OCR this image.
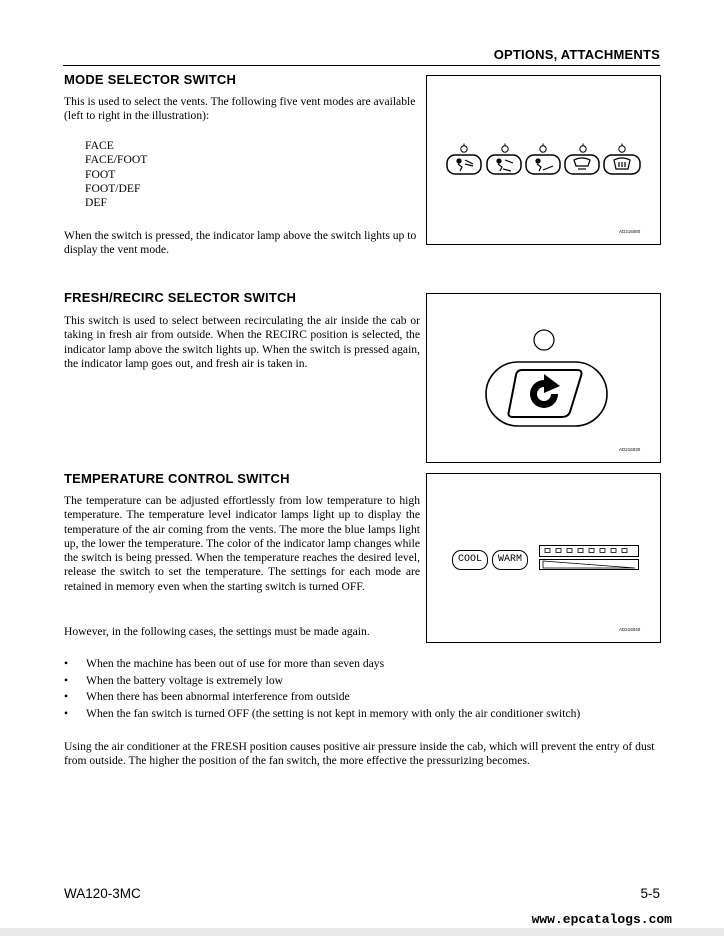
OPTIONS, ATTACHMENTS
MODE SELECTOR SWITCH
This is used to select the vents. The following five vent modes are available (left to right in the illustration):
FACE
FACE/FOOT
FOOT
FOOT/DEF
DEF
When the switch is pressed, the indicator lamp above the switch lights up to display the vent mode.
AD216080
FRESH/RECIRC SELECTOR SWITCH
This switch is used to select between recirculating the air inside the cab or taking in fresh air from outside. When the RECIRC position is selected, the indicator lamp above the switch lights up. When the switch is pressed again, the indicator lamp goes out, and fresh air is taken in.
AD216030
TEMPERATURE CONTROL SWITCH
The temperature can be adjusted effortlessly from low temperature to high temperature. The temperature level indicator lamps light up to display the temperature of the air coming from the vents. The more the blue lamps light up, the lower the temperature. The color of the indicator lamp changes while the switch is being pressed. When the temperature reaches the desired level, release the switch to set the temperature. The settings for each mode are retained in memory even when the starting switch is turned OFF.
However, in the following cases, the settings must be made again.
COOL	WARM
AD216040
• When the machine has been out of use for more than seven days
• When the battery voltage is extremely low
• When there has been abnormal interference from outside
• When the fan switch is turned OFF (the setting is not kept in memory with only the air conditioner switch)
Using the air conditioner at the FRESH position causes positive air pressure inside the cab, which will prevent the entry of dust from outside. The higher the position of the fan switch, the more effective the pressurizing becomes.
WA120-3MC	5-5
www.epcatalogs.com
